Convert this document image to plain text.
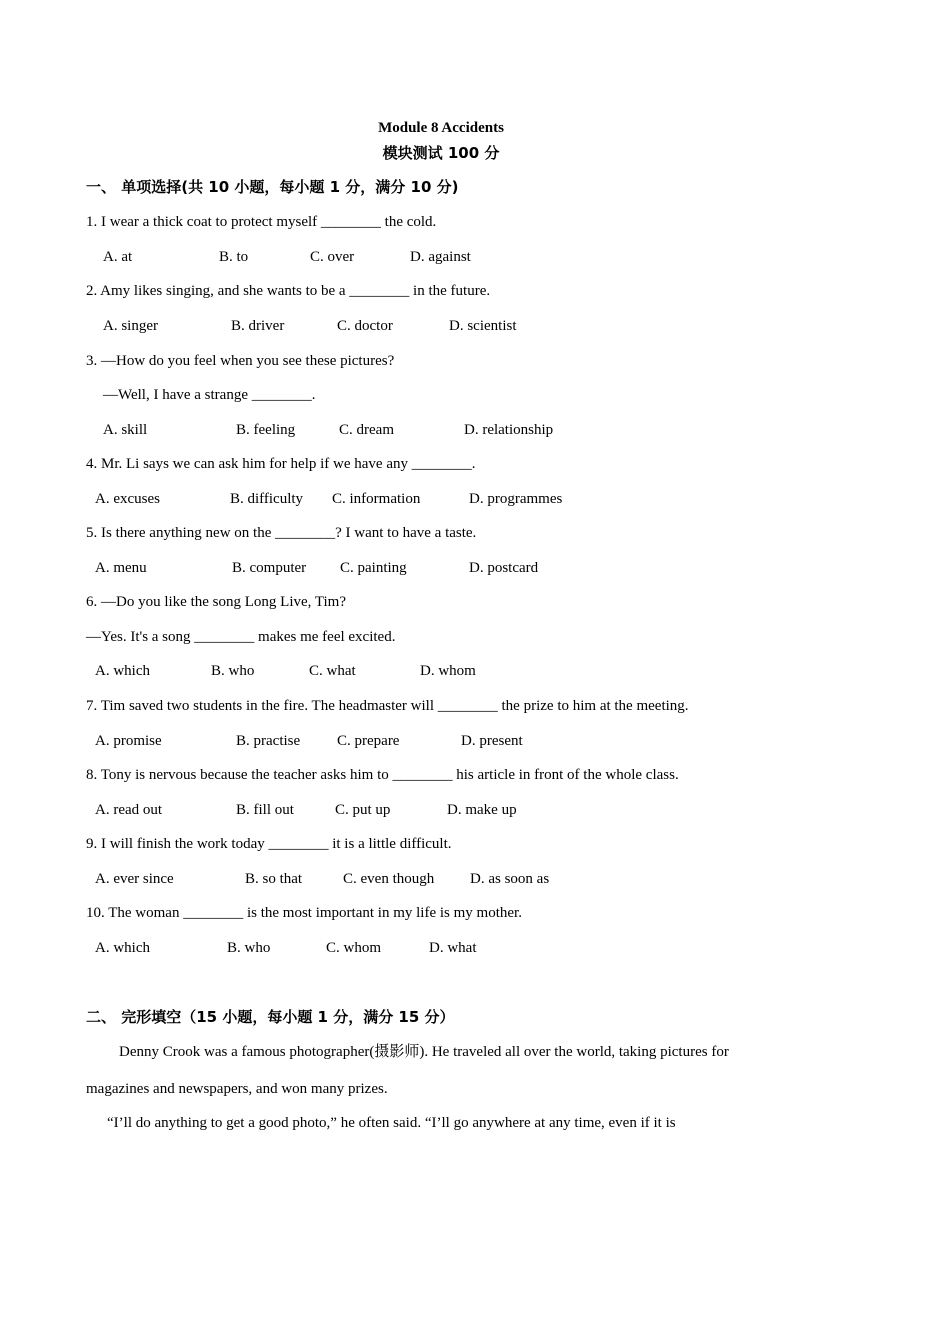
Module 8 Accidents
模块测试 100 分
一、 单项选择(共 10 小题，每小题 1 分，满分 10 分)
1. I wear a thick coat to protect myself ________ the cold.
A. at	B. to	C. over	D. against
2. Amy likes singing, and she wants to be a ________ in the future.
A. singer	B. driver	C. doctor	D. scientist
3. —How do you feel when you see these pictures?
—Well, I have a strange ________.
A. skill	B. feeling	C. dream	D. relationship
4. Mr. Li says we can ask him for help if we have any ________.
A. excuses	B. difficulty C. information	D. programmes
5. Is there anything new on the ________? I want to have a taste.
A. menu	B. computer C. painting	D. postcard
6. —Do you like the song Long Live, Tim?
—Yes. It's a song ________ makes me feel excited.
A. which	B. who	C. what	D. whom
7. Tim saved two students in the fire. The headmaster will ________ the prize to him at the meeting.
A. promise	B. practise C. prepare	D. present
8. Tony is nervous because the teacher asks him to ________ his article in front of the whole class.
A. read out	B. fill out	C. put up	D. make up
9. I will finish the work today ________ it is a little difficult.
A. ever since	B. so that	C. even though D. as soon as
10. The woman ________ is the most important in my life is my mother.
A. which	B. who	C. whom	D. what
二、 完形填空（15 小题，每小题 1 分，满分 15 分）
Denny Crook was a famous photographer(摄影师). He traveled all over the world, taking pictures for
magazines and newspapers, and won many prizes.
“I’ll do anything to get a good photo,” he often said. “I’ll go anywhere at any time, even if it is
